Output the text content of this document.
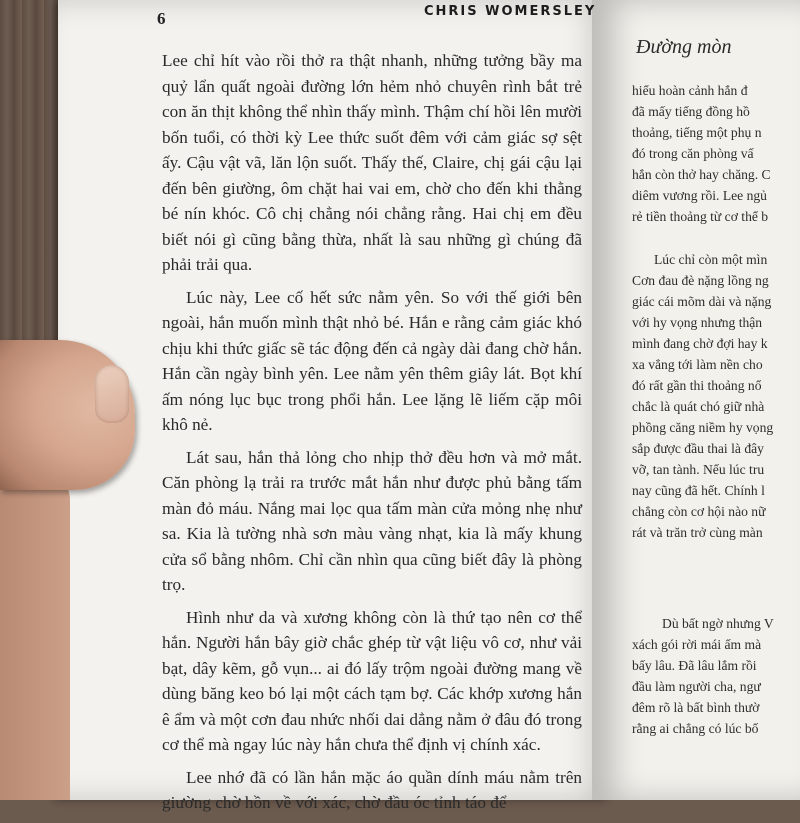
Đường mòn
hiểu hoàn cảnh hắn đ
đã mấy tiếng đồng hồ
thoảng, tiếng một phụ n
đó trong căn phòng vấ
hắn còn thở hay chăng. C
diêm vương rồi. Lee ngủ
rẻ tiền thoảng từ cơ thể b
Lúc chỉ còn một mìn
Cơn đau đè nặng lồng ng
giác cái mõm dài và nặng
với hy vọng nhưng thận
mình đang chờ đợi hay k
xa vẳng tới làm nền cho
đó rất gần thi thoảng nổ
chắc là quát chó giữ nhà
phồng căng niềm hy vọng
sắp được đầu thai là đây
vỡ, tan tành. Nếu lúc tru
nay cũng đã hết. Chính l
chẳng còn cơ hội nào nữ
rát và trăn trở cùng màn
Dù bất ngờ nhưng V
xách gói rời mái ấm mà
bấy lâu. Đã lâu lắm rồi
đầu làm người cha, ngư
đêm rõ là bất bình thườ
rằng ai chẳng có lúc bố
6	CHRIS WOMERSLEY

Lee chỉ hít vào rồi thở ra thật nhanh, những tưởng bầy ma quỷ lẩn quất ngoài đường lớn hẻm nhỏ chuyên rình bắt trẻ con ăn thịt không thể nhìn thấy mình. Thậm chí hồi lên mười bốn tuổi, có thời kỳ Lee thức suốt đêm với cảm giác sợ sệt ấy. Cậu vật vã, lăn lộn suốt. Thấy thế, Claire, chị gái cậu lại đến bên giường, ôm chặt hai vai em, chờ cho đến khi thằng bé nín khóc. Cô chị chẳng nói chẳng rằng. Hai chị em đều biết nói gì cũng bằng thừa, nhất là sau những gì chúng đã phải trải qua.

Lúc này, Lee cố hết sức nằm yên. So với thế giới bên ngoài, hắn muốn mình thật nhỏ bé. Hắn e rằng cảm giác khó chịu khi thức giấc sẽ tác động đến cả ngày dài đang chờ hắn. Hắn cần ngày bình yên. Lee nằm yên thêm giây lát. Bọt khí ấm nóng lục bục trong phổi hắn. Lee lặng lẽ liếm cặp môi khô nẻ.

Lát sau, hắn thả lỏng cho nhịp thở đều hơn và mở mắt. Căn phòng lạ trải ra trước mắt hắn như được phủ bằng tấm màn đỏ máu. Nắng mai lọc qua tấm màn cửa mỏng nhẹ như sa. Kia là tường nhà sơn màu vàng nhạt, kia là mấy khung cửa sổ bằng nhôm. Chỉ cần nhìn qua cũng biết đây là phòng trọ.

Hình như da và xương không còn là thứ tạo nên cơ thể hắn. Người hắn bây giờ chắc ghép từ vật liệu vô cơ, như vải bạt, dây kẽm, gỗ vụn... ai đó lấy trộm ngoài đường mang về dùng băng keo bó lại một cách tạm bợ. Các khớp xương hắn ê ẩm và một cơn đau nhức nhối dai dẳng nằm ở đâu đó trong cơ thể mà ngay lúc này hắn chưa thể định vị chính xác.

Lee nhớ đã có lần hắn mặc áo quần dính máu nằm trên giường chờ hồn về với xác, chờ đầu óc tỉnh táo để
